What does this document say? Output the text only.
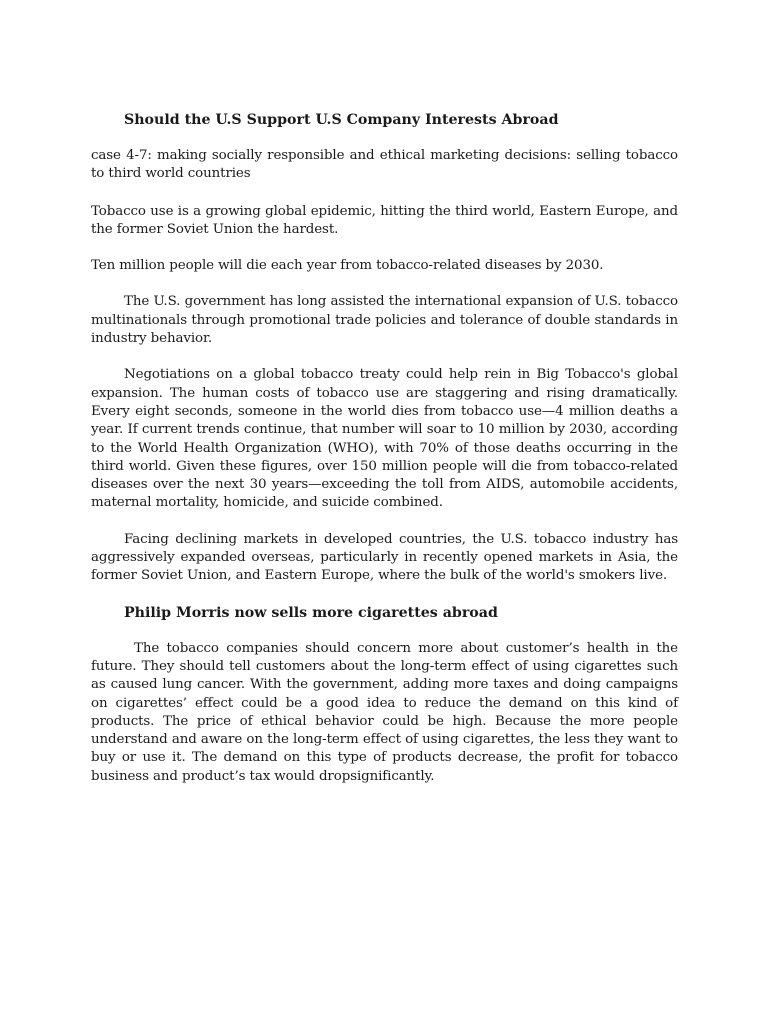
Should the U.S Support U.S Company Interests Abroad

case 4-7: making socially responsible and ethical marketing decisions: selling tobacco to third world countries

Tobacco use is a growing global epidemic, hitting the third world, Eastern Europe, and the former Soviet Union the hardest.

Ten million people will die each year from tobacco-related diseases by 2030.

The U.S. government has long assisted the international expansion of U.S. tobacco multinationals through promotional trade policies and tolerance of double standards in industry behavior.

Negotiations on a global tobacco treaty could help rein in Big Tobacco's global expansion. The human costs of tobacco use are staggering and rising dramatically. Every eight seconds, someone in the world dies from tobacco use—4 million deaths a year. If current trends continue, that number will soar to 10 million by 2030, according to the World Health Organization (WHO), with 70% of those deaths occurring in the third world. Given these figures, over 150 million people will die from tobacco-related diseases over the next 30 years—exceeding the toll from AIDS, automobile accidents, maternal mortality, homicide, and suicide combined.

Facing declining markets in developed countries, the U.S. tobacco industry has aggressively expanded overseas, particularly in recently opened markets in Asia, the former Soviet Union, and Eastern Europe, where the bulk of the world's smokers live.

Philip Morris now sells more cigarettes abroad

The tobacco companies should concern more about customer’s health in the future. They should tell customers about the long-term effect of using cigarettes such as caused lung cancer. With the government, adding more taxes and doing campaigns on cigarettes’ effect could be a good idea to reduce the demand on this kind of products. The price of ethical behavior could be high. Because the more people understand and aware on the long-term effect of using cigarettes, the less they want to buy or use it. The demand on this type of products decrease, the profit for tobacco business and product’s tax would dropsignificantly.
